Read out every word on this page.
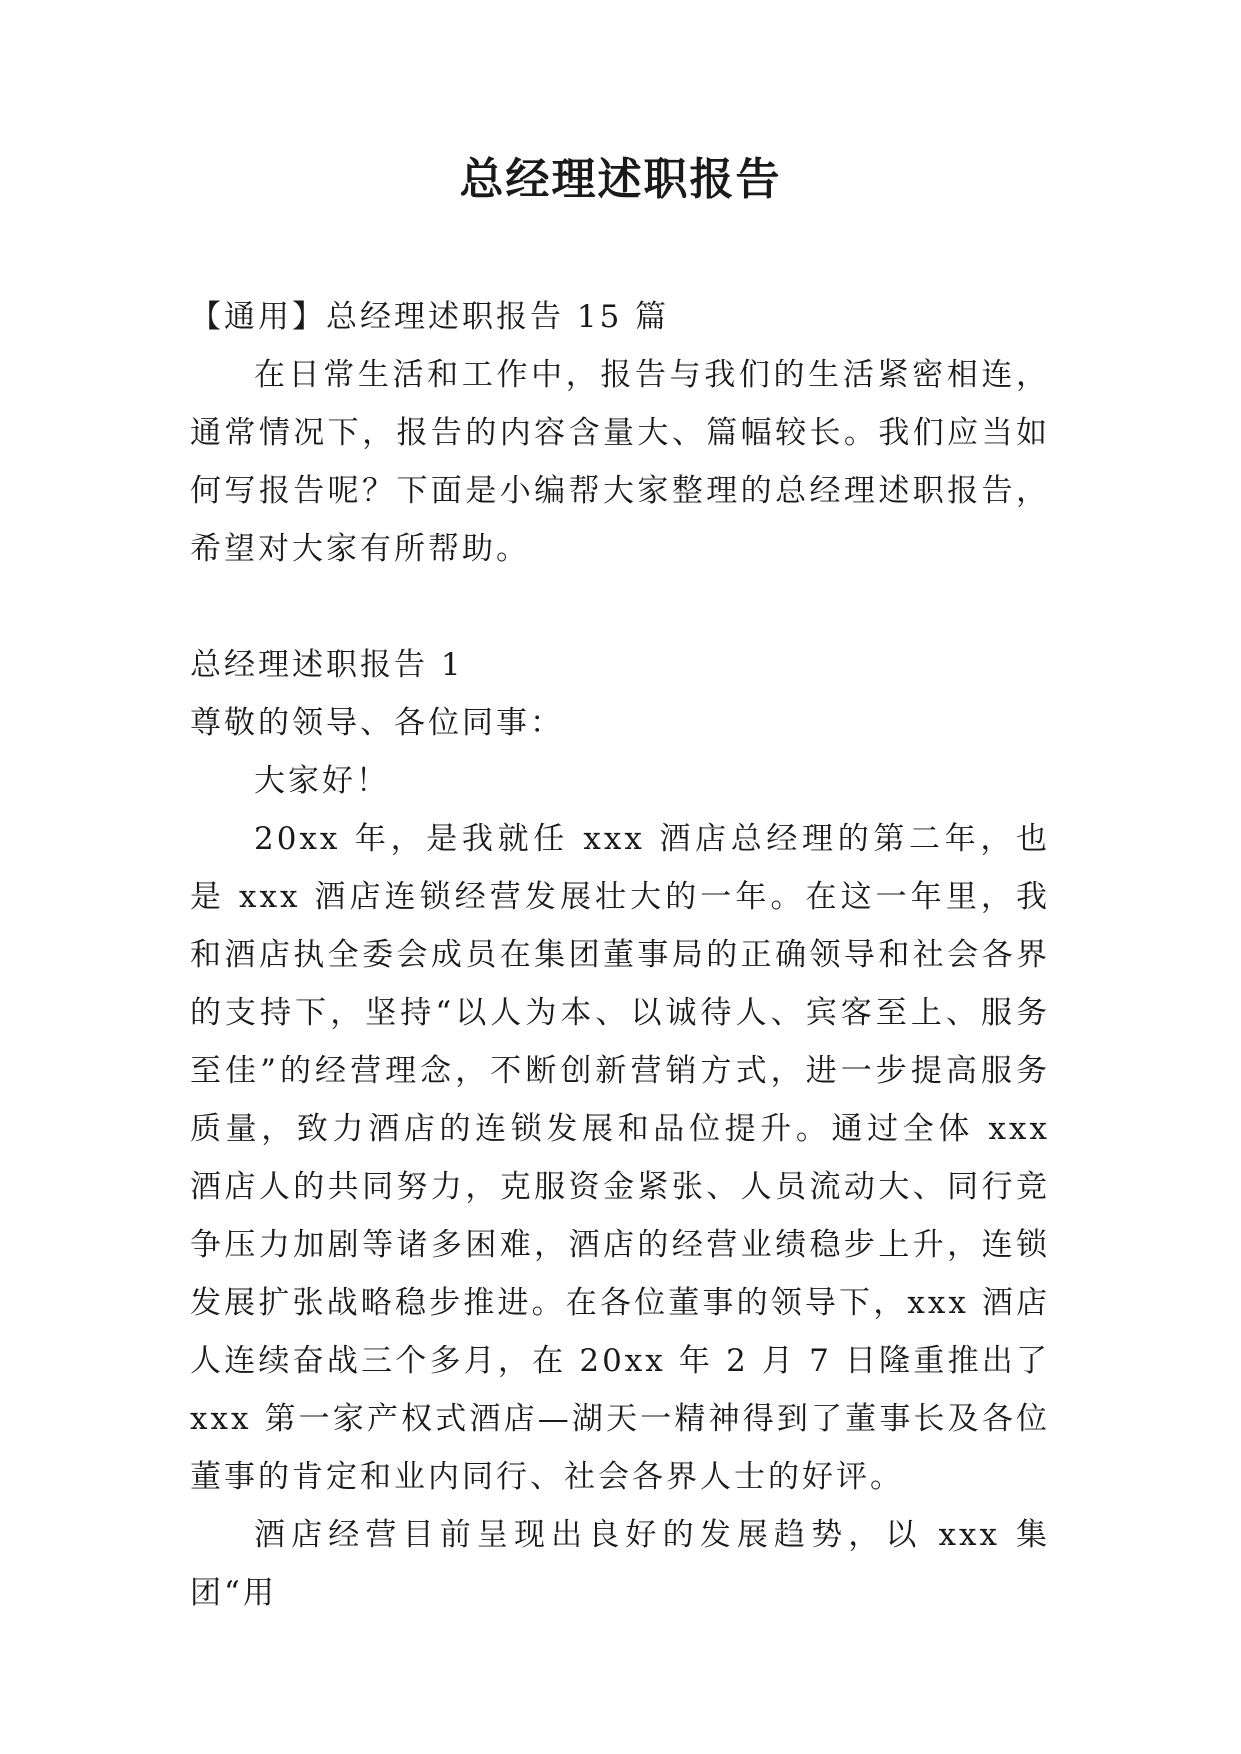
总经理述职报告

【通用】总经理述职报告 15 篇

在日常生活和工作中，报告与我们的生活紧密相连，通常情况下，报告的内容含量大、篇幅较长。我们应当如何写报告呢？下面是小编帮大家整理的总经理述职报告，希望对大家有所帮助。

总经理述职报告 1

尊敬的领导、各位同事：

大家好！

20xx 年，是我就任 xxx 酒店总经理的第二年，也是 xxx 酒店连锁经营发展壮大的一年。在这一年里，我和酒店执全委会成员在集团董事局的正确领导和社会各界的支持下，坚持“以人为本、以诚待人、宾客至上、服务至佳”的经营理念，不断创新营销方式，进一步提高服务质量，致力酒店的连锁发展和品位提升。通过全体 xxx 酒店人的共同努力，克服资金紧张、人员流动大、同行竞争压力加剧等诸多困难，酒店的经营业绩稳步上升，连锁发展扩张战略稳步推进。在各位董事的领导下，xxx 酒店人连续奋战三个多月，在 20xx 年 2 月 7 日隆重推出了 xxx 第一家产权式酒店—湖天一精神得到了董事长及各位董事的肯定和业内同行、社会各界人士的好评。

酒店经营目前呈现出良好的发展趋势，以 xxx 集团“用
